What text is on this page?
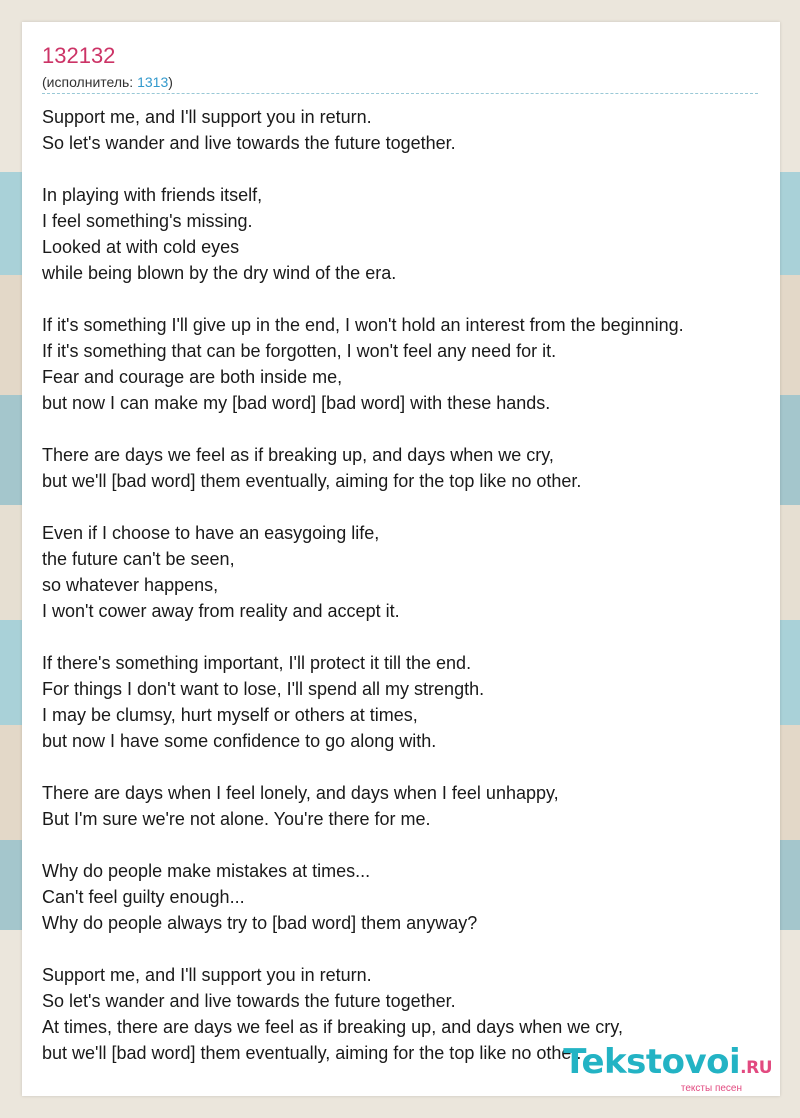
132132
(исполнитель: 1313)
Support me, and I'll support you in return.
So let's wander and live towards the future together.
In playing with friends itself,
I feel something's missing.
Looked at with cold eyes
while being blown by the dry wind of the era.
If it's something I'll give up in the end, I won't hold an interest from the beginning.
If it's something that can be forgotten, I won't feel any need for it.
Fear and courage are both inside me,
but now I can make my [bad word] [bad word] with these hands.
There are days we feel as if breaking up, and days when we cry,
but we'll [bad word] them eventually, aiming for the top like no other.
Even if I choose to have an easygoing life,
the future can't be seen,
so whatever happens,
I won't cower away from reality and accept it.
If there's something important, I'll protect it till the end.
For things I don't want to lose, I'll spend all my strength.
I may be clumsy, hurt myself or others at times,
but now I have some confidence to go along with.
There are days when I feel lonely, and days when I feel unhappy,
But I'm sure we're not alone. You're there for me.
Why do people make mistakes at times...
Can't feel guilty enough...
Why do people always try to [bad word] them anyway?
Support me, and I'll support you in return.
So let's wander and live towards the future together.
At times, there are days we feel as if breaking up, and days when we cry,
but we'll [bad word] them eventually, aiming for the top like no other.
Tekstovoi.RU
тексты песен
